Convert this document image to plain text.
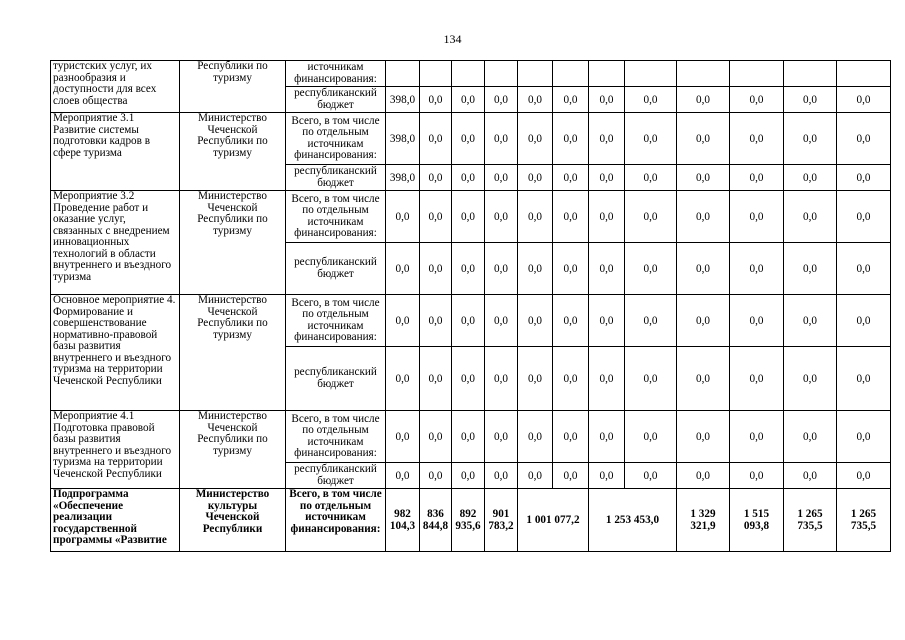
134
туристских услуг, их разнообразия и доступности для всех слоев общества	Республики по туризму	источникам финансирования:													
		республиканский бюджет	398,0	0,0	0,0	0,0	0,0	0,0	0,0	0,0	0,0	0,0	0,0	0,0	
Мероприятие 3.1 Развитие системы подготовки кадров в сфере туризма	Министерство Чеченской Республики по туризму	Всего, в том числе по отдельным источникам финансирования:	398,0	0,0	0,0	0,0	0,0	0,0	0,0	0,0	0,0	0,0	0,0	0,0	
		республиканский бюджет	398,0	0,0	0,0	0,0	0,0	0,0	0,0	0,0	0,0	0,0	0,0	0,0	
Мероприятие 3.2 Проведение работ и оказание услуг, связанных с внедрением инновационных технологий в области внутреннего и въездного туризма	Министерство Чеченской Республики по туризму	Всего, в том числе по отдельным источникам финансирования:	0,0	0,0	0,0	0,0	0,0	0,0	0,0	0,0	0,0	0,0	0,0	0,0	
		республиканский бюджет	0,0	0,0	0,0	0,0	0,0	0,0	0,0	0,0	0,0	0,0	0,0	0,0	
Основное мероприятие 4. Формирование и совершенствование нормативно-правовой базы развития внутреннего и въездного туризма на территории Чеченской Республики	Министерство Чеченской Республики по туризму	Всего, в том числе по отдельным источникам финансирования:	0,0	0,0	0,0	0,0	0,0	0,0	0,0	0,0	0,0	0,0	0,0	0,0	
		республиканский бюджет	0,0	0,0	0,0	0,0	0,0	0,0	0,0	0,0	0,0	0,0	0,0	0,0	
Мероприятие 4.1 Подготовка правовой базы развития внутреннего и въездного туризма на территории Чеченской Республики	Министерство Чеченской Республики по туризму	Всего, в том числе по отдельным источникам финансирования:	0,0	0,0	0,0	0,0	0,0	0,0	0,0	0,0	0,0	0,0	0,0	0,0	
		республиканский бюджет	0,0	0,0	0,0	0,0	0,0	0,0	0,0	0,0	0,0	0,0	0,0	0,0	
Подпрограмма «Обеспечение реализации государственной программы «Развитие	Министерство культуры Чеченской Республики	Всего, в том числе по отдельным источникам финансирования:	982 104,3	836 844,8	892 935,6	901 783,2	1 001 077,2		1 253 453,0		1 329 321,9	1 515 093,8	1 265 735,5	1 265 735,5	
